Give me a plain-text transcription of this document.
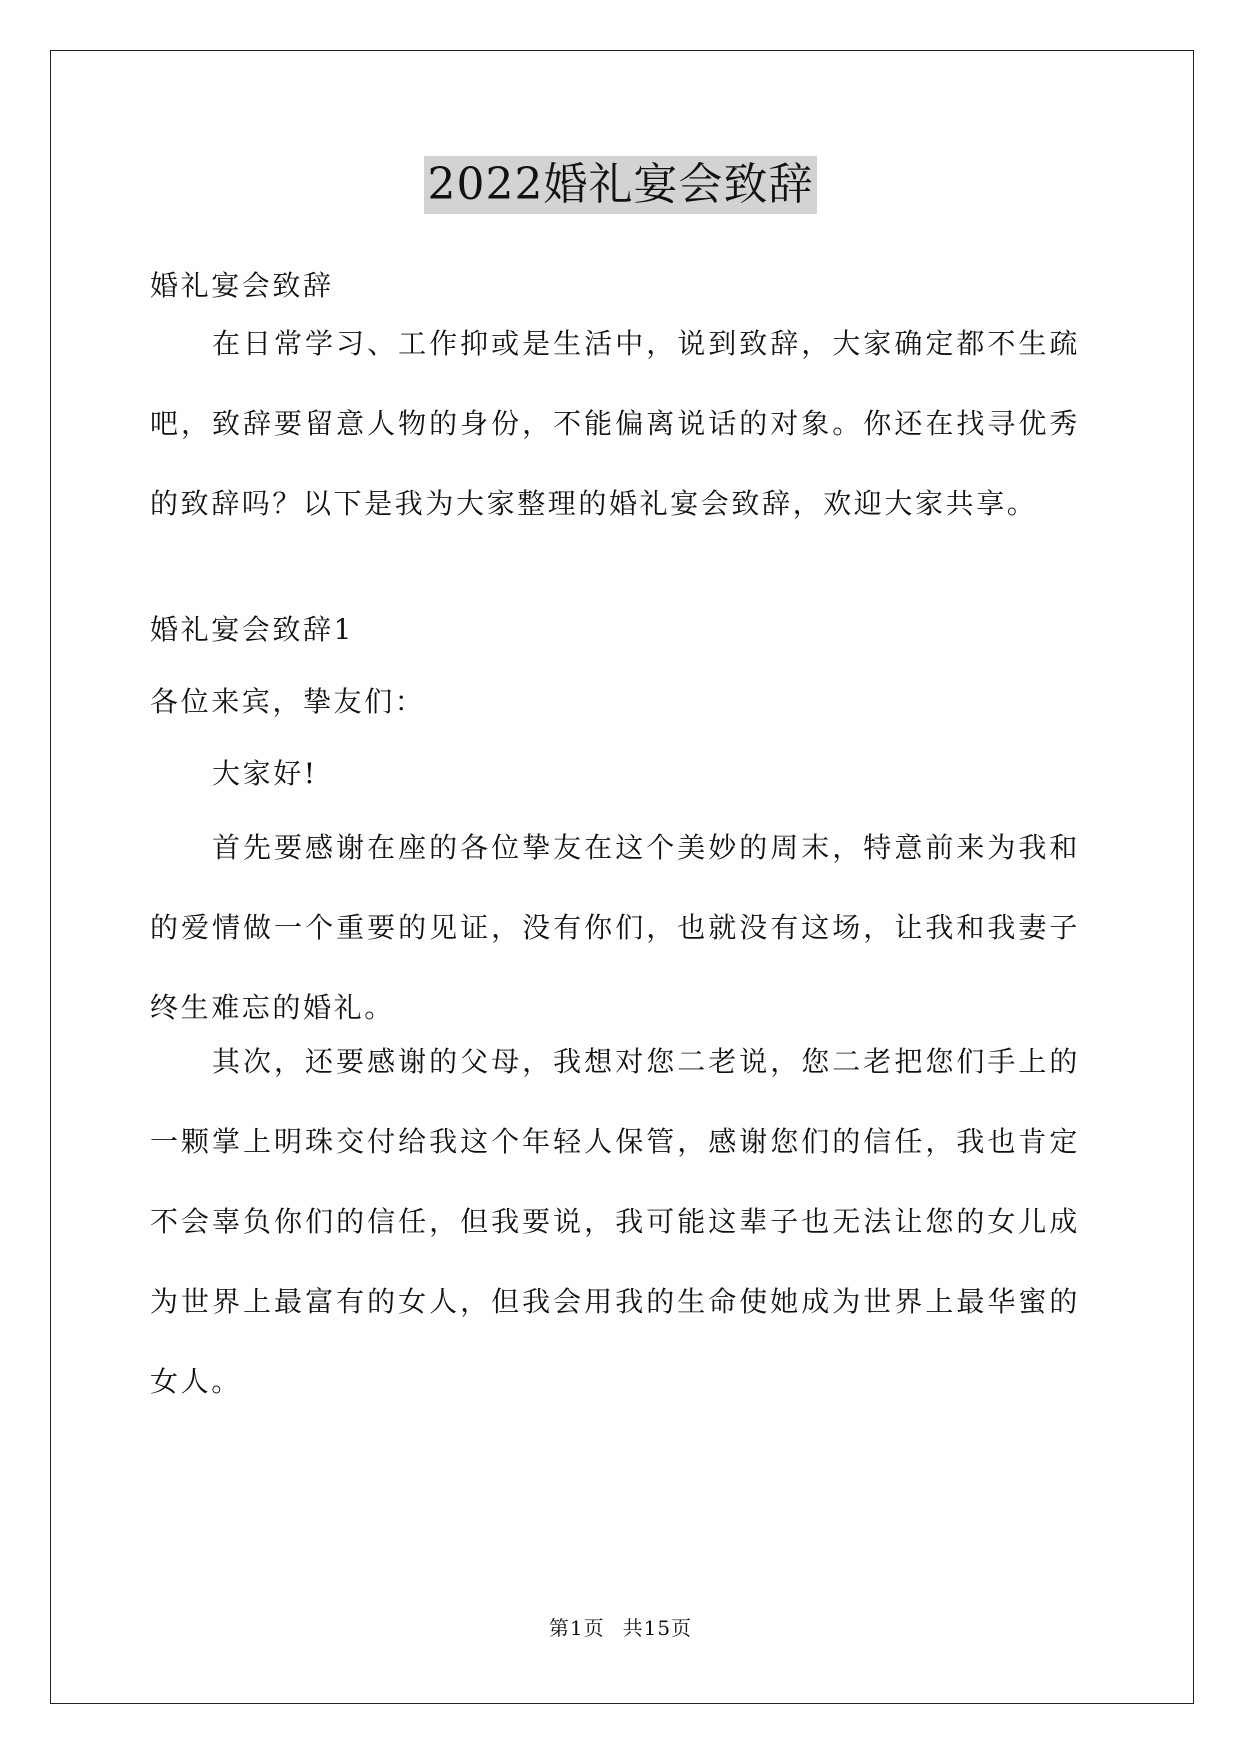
2022婚礼宴会致辞
婚礼宴会致辞
在日常学习、工作抑或是生活中，说到致辞，大家确定都不生疏吧，致辞要留意人物的身份，不能偏离说话的对象。你还在找寻优秀的致辞吗？以下是我为大家整理的婚礼宴会致辞，欢迎大家共享。
婚礼宴会致辞1
各位来宾，挚友们：
大家好!
首先要感谢在座的各位挚友在这个美妙的周末，特意前来为我和的爱情做一个重要的见证，没有你们，也就没有这场，让我和我妻子终生难忘的婚礼。
其次，还要感谢的父母，我想对您二老说，您二老把您们手上的一颗掌上明珠交付给我这个年轻人保管，感谢您们的信任，我也肯定不会辜负你们的信任，但我要说，我可能这辈子也无法让您的女儿成为世界上最富有的女人，但我会用我的生命使她成为世界上最华蜜的女人。
第1页 共15页
